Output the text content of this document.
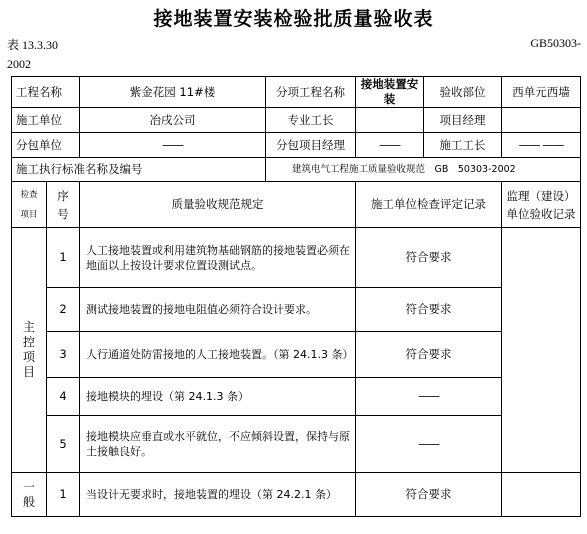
接地装置安装检验批质量验收表
表 13.3.30
2002
GB50303-
工程名称		紫金花园 11#楼	分项工程名称	接地装置安装	验收部位	西单元西墙
施工单位		冶戌公司	专业工长		项目经理	
分包单位		——	分包项目经理	——	施工工长	—— ——
施工执行标准名称及编号			建筑电气工程施工质量验收规范　GB　50303-2002			

检查项目	序号	质量验收规范规定		施工单位检查评定记录		监理（建设）单位验收记录

主控项目	1	人工接地装置或利用建筑物基础钢筋的接地装置必须在地面以上按设计要求位置设测试点。		符合要求		
	2	测试接地装置的接地电阻值必须符合设计要求。		符合要求		
	3	人行通道处防雷接地的人工接地装置。（第 24.1.3 条）		符合要求		
	4	接地模块的埋设（第 24.1.3 条）		——		
	5	接地模块应垂直或水平就位，不应倾斜设置，保持与原土接触良好。		——		

一般	1	当设计无要求时，接地装置的埋设（第 24.2.1 条）		符合要求		
